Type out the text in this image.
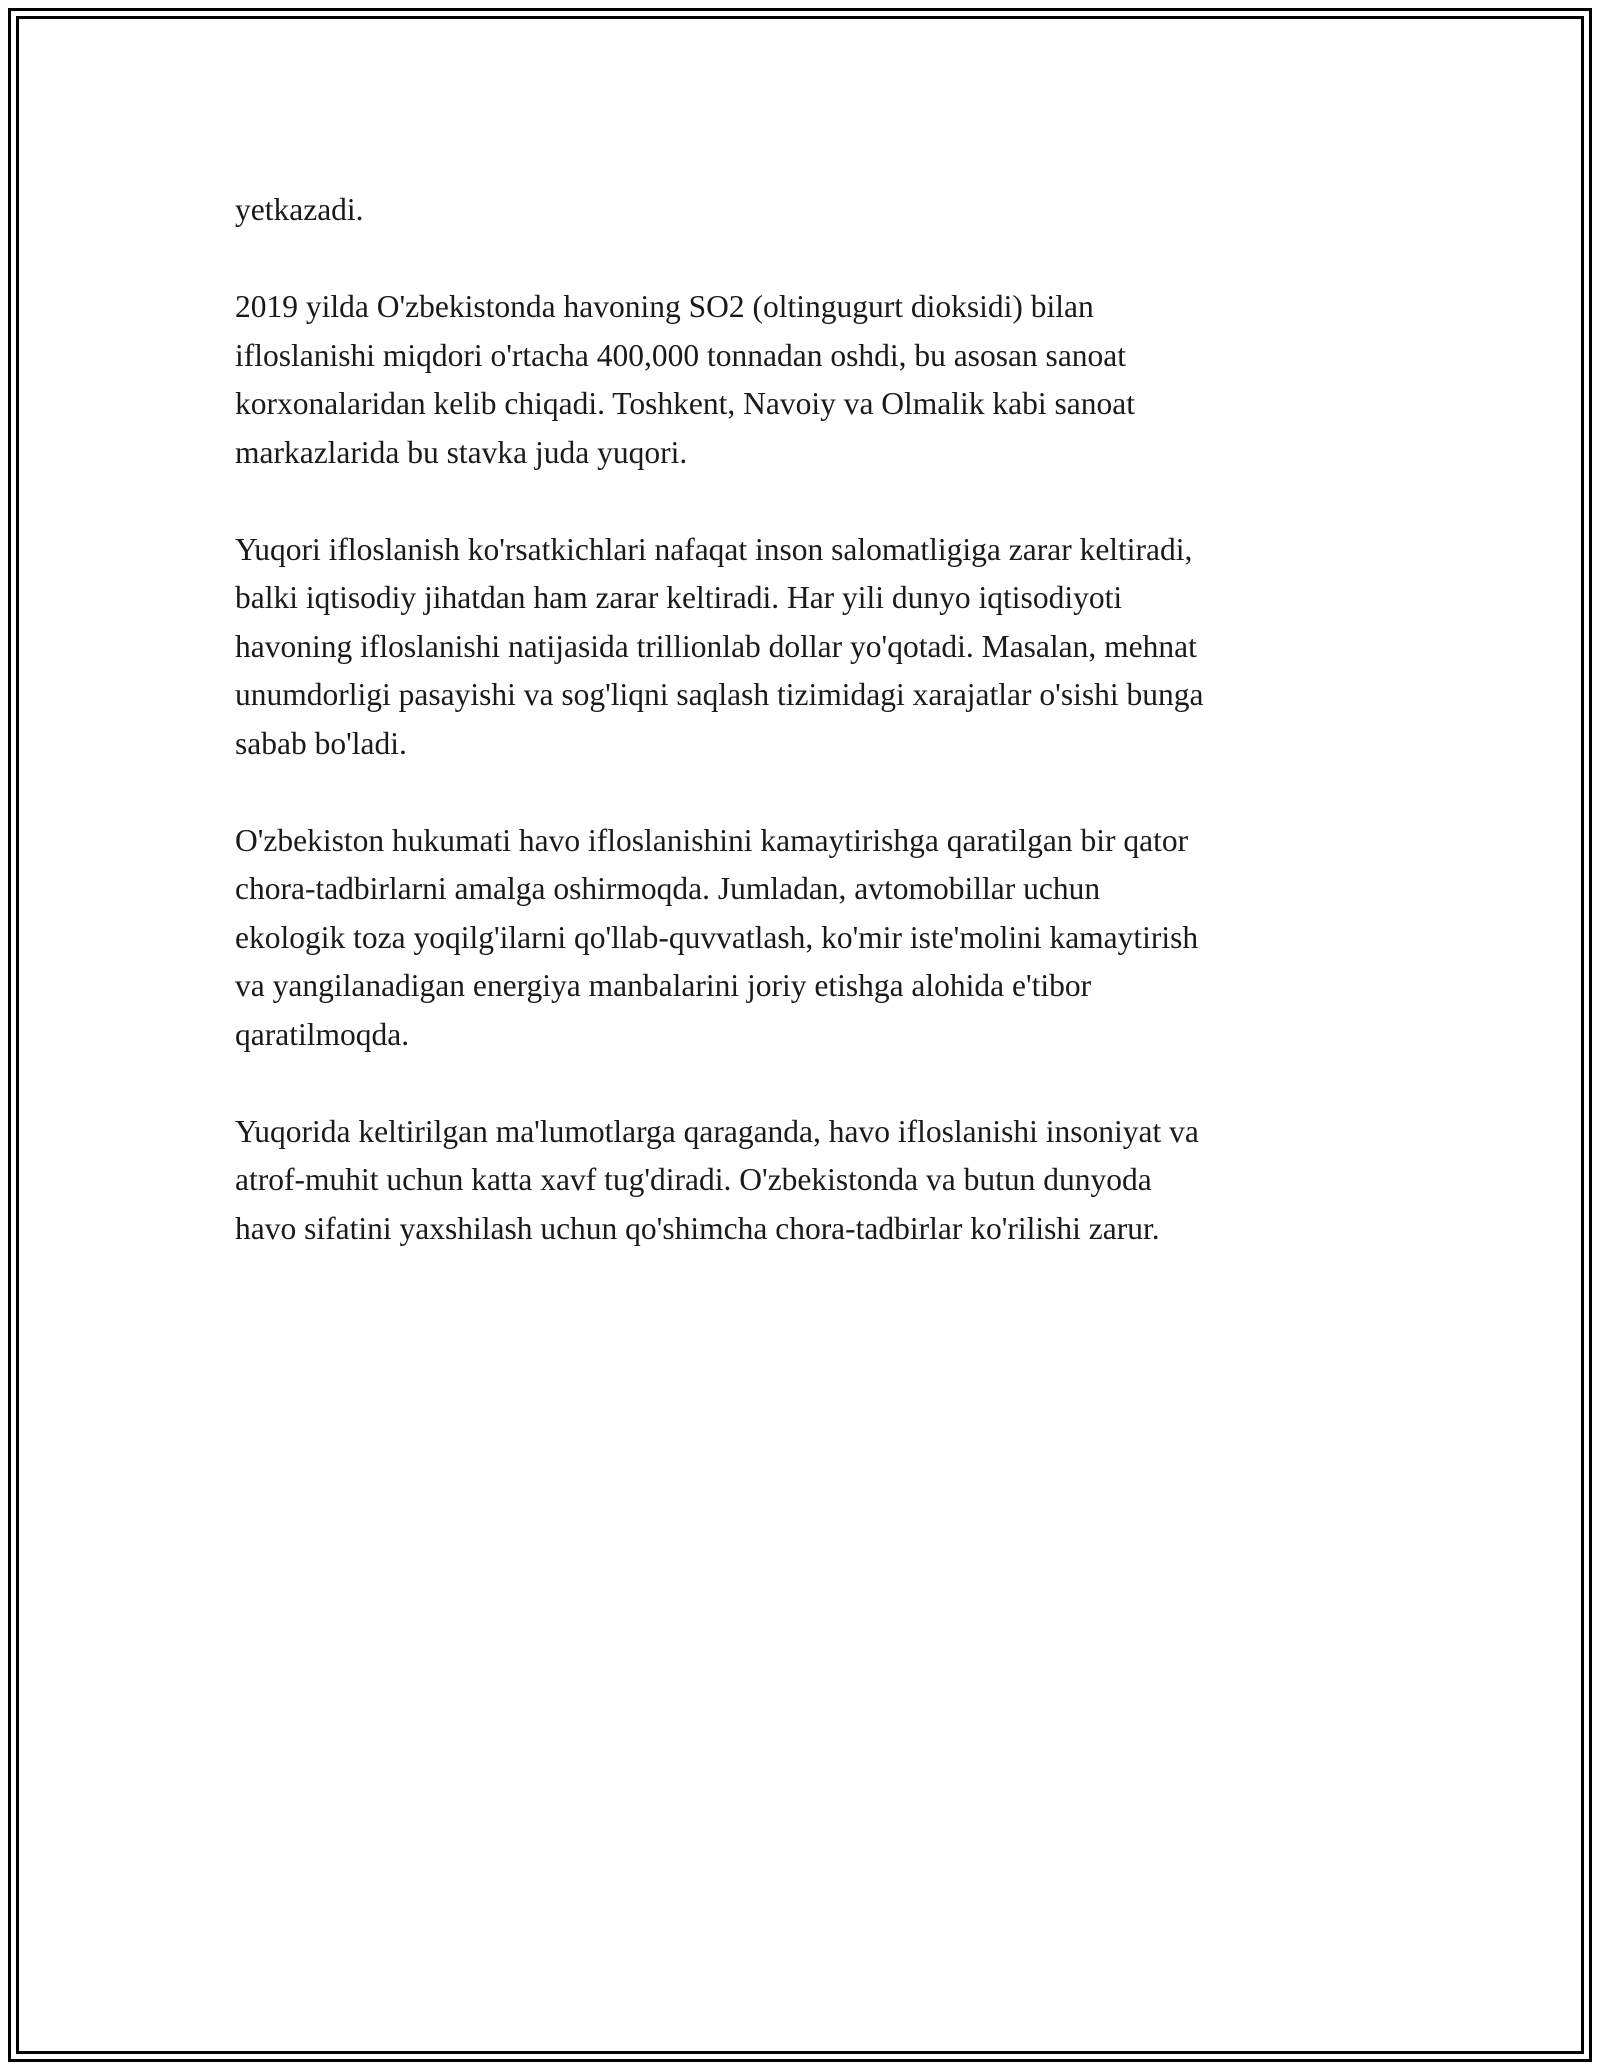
yetkazadi.

2019 yilda O'zbekistonda havoning SO2 (oltingugurt dioksidi) bilan
ifloslanishi miqdori o'rtacha 400,000 tonnadan oshdi, bu asosan sanoat
korxonalaridan kelib chiqadi. Toshkent, Navoiy va Olmalik kabi sanoat
markazlarida bu stavka juda yuqori.

Yuqori ifloslanish ko'rsatkichlari nafaqat inson salomatligiga zarar keltiradi,
balki iqtisodiy jihatdan ham zarar keltiradi. Har yili dunyo iqtisodiyoti
havoning ifloslanishi natijasida trillionlab dollar yo'qotadi. Masalan, mehnat
unumdorligi pasayishi va sog'liqni saqlash tizimidagi xarajatlar o'sishi bunga
sabab bo'ladi.

O'zbekiston hukumati havo ifloslanishini kamaytirishga qaratilgan bir qator
chora-tadbirlarni amalga oshirmoqda. Jumladan, avtomobillar uchun
ekologik toza yoqilg'ilarni qo'llab-quvvatlash, ko'mir iste'molini kamaytirish
va yangilanadigan energiya manbalarini joriy etishga alohida e'tibor
qaratilmoqda.

Yuqorida keltirilgan ma'lumotlarga qaraganda, havo ifloslanishi insoniyat va
atrof-muhit uchun katta xavf tug'diradi. O'zbekistonda va butun dunyoda
havo sifatini yaxshilash uchun qo'shimcha chora-tadbirlar ko'rilishi zarur.
